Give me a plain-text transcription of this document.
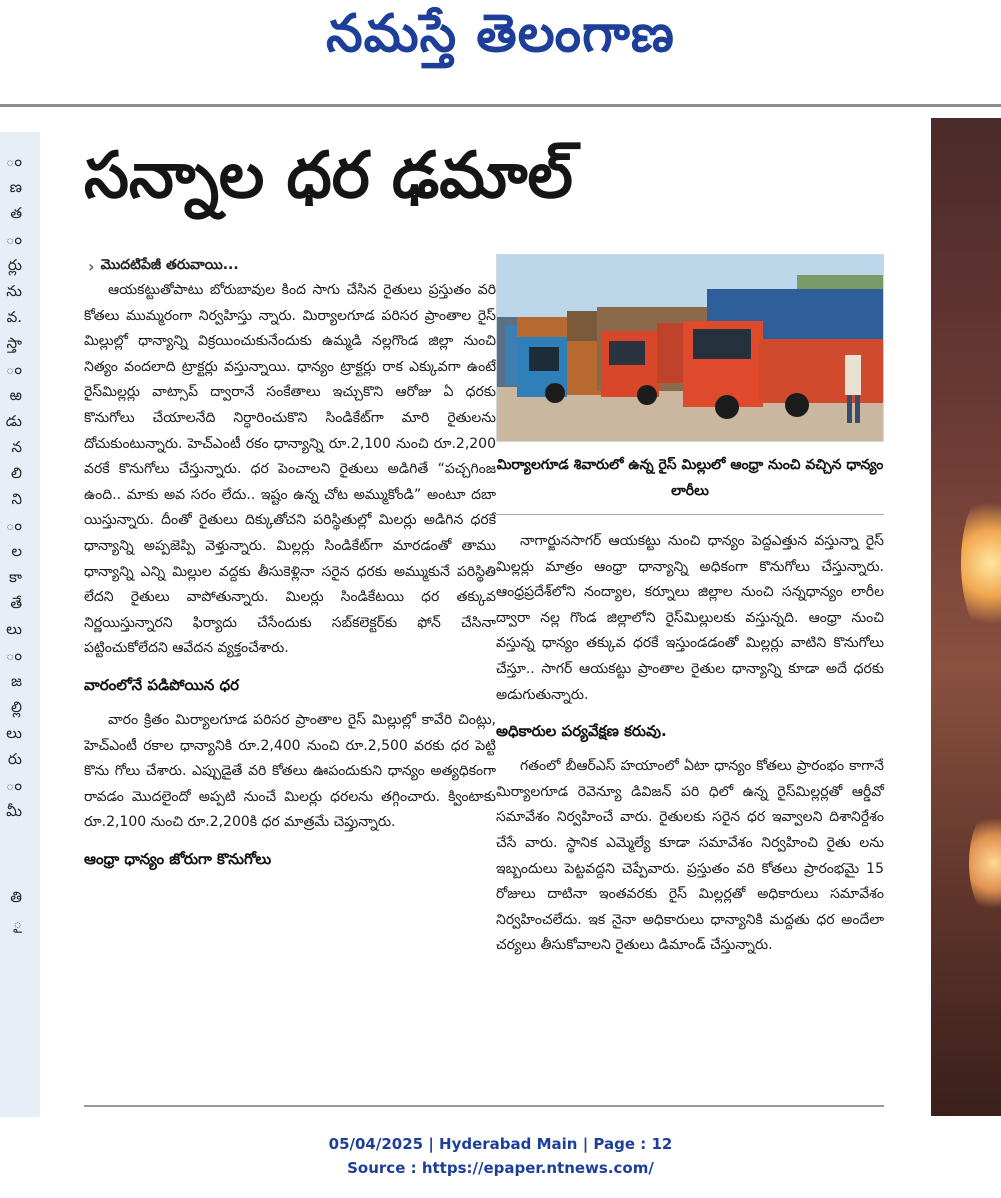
నమస్తే తెలంగాణ
ం
ణ
త
ం
ర్లు
ను
వ.
స్తా
ం
ఱ
డు
న
లి
ని
ం
ల
కా
తే
లు
ం
జ
ల్లి
లు
రు
ం
మీ
తి
ౖ
సన్నాల ధర ఢమాల్
› మొదటిపేజీ తరువాయి...

ఆయకట్టుతోపాటు బోరుబావుల కింద సాగు చేసిన రైతులు ప్రస్తుతం వరి కోతలు ముమ్మరంగా నిర్వహిస్తు న్నారు. మిర్యాలగూడ పరిసర ప్రాంతాల రైస్ మిల్లుల్లో ధాన్యాన్ని విక్రయించుకునేందుకు ఉమ్మడి నల్లగొండ జిల్లా నుంచి నిత్యం వందలాది ట్రాక్టర్లు వస్తున్నాయి. ధాన్యం ట్రాక్టర్లు రాక ఎక్కువగా ఉంటే రైస్‌మిల్లర్లు వాట్సాప్ ద్వారానే సంకేతాలు ఇచ్చుకొని ఆరోజు ఏ ధరకు కొనుగోలు చేయాలనేది నిర్ధారించుకొని సిండికేట్‌గా మారి రైతులను దోచుకుంటున్నారు. హెచ్‌ఎంటీ రకం ధాన్యాన్ని రూ.2,100 నుంచి రూ.2,200 వరకే కొనుగోలు చేస్తున్నారు. ధర పెంచాలని రైతులు అడిగితే “పచ్చగింజ ఉంది.. మాకు అవ సరం లేదు.. ఇష్టం ఉన్న చోట అమ్ముకోండి” అంటూ దబా యిస్తున్నారు. దీంతో రైతులు దిక్కుతోచని పరిస్థితుల్లో మిలర్లు అడిగిన ధరకే ధాన్యాన్ని అప్పజెప్పి వెళ్తున్నారు. మిల్లర్లు సిండికేట్‌గా మారడంతో తాము ధాన్యాన్ని ఎన్ని మిల్లుల వద్దకు తీసుకెళ్లినా సరైన ధరకు అమ్ముకునే పరిస్థితి లేదని రైతులు వాపోతున్నారు. మిలర్లు సిండికేటయి ధర తక్కువ నిర్ణయిస్తున్నారని ఫిర్యాదు చేసేందుకు సబ్‌కలెక్టర్‌కు ఫోన్ చేసినా పట్టించుకోలేదని ఆవేదన వ్యక్తంచేశారు.

వారంలోనే పడిపోయిన ధర

వారం క్రితం మిర్యాలగూడ పరిసర ప్రాంతాల రైస్ మిల్లుల్లో కావేరి చింట్లు, హెచ్‌ఎంటీ రకాల ధాన్యానికి రూ.2,400 నుంచి రూ.2,500 వరకు ధర పెట్టి కొను గోలు చేశారు. ఎప్పుడైతే వరి కోతలు ఊపందుకుని ధాన్యం అత్యధికంగా రావడం మొదలైందో అప్పటి నుంచే మిలర్లు ధరలను తగ్గించారు. క్వింటాకు రూ.2,100 నుంచి రూ.2,200కి ధర మాత్రమే చెప్తున్నారు.

ఆంధ్రా ధాన్యం జోరుగా కొనుగోలు
మిర్యాలగూడ శివారులో ఉన్న రైస్ మిల్లులో ఆంధ్రా నుంచి వచ్చిన ధాన్యం లారీలు

నాగార్జునసాగర్ ఆయకట్టు నుంచి ధాన్యం పెద్దఎత్తున వస్తున్నా రైస్ మిల్లర్లు మాత్రం ఆంధ్రా ధాన్యాన్ని అధికంగా కొనుగోలు చేస్తున్నారు. ఆంధ్రప్రదేశ్‌లోని నంద్యాల, కర్నూలు జిల్లాల నుంచి సన్నధాన్యం లారీల ద్వారా నల్ల గొండ జిల్లాలోని రైస్‌మిల్లులకు వస్తున్నది. ఆంధ్రా నుంచి వస్తున్న ధాన్యం తక్కువ ధరకే ఇస్తుండడంతో మిల్లర్లు వాటిని కొనుగోలు చేస్తూ.. సాగర్ ఆయకట్టు ప్రాంతాల రైతుల ధాన్యాన్ని కూడా అదే ధరకు అడుగుతున్నారు.

అధికారుల పర్యవేక్షణ కరువు.

గతంలో బీఆర్‌ఎస్ హయాంలో ఏటా ధాన్యం కోతలు ప్రారంభం కాగానే మిర్యాలగూడ రెవెన్యూ డివిజన్ పరి ధిలో ఉన్న రైస్‌మిల్లర్లతో ఆర్డీవో సమావేశం నిర్వహించే వారు. రైతులకు సరైన ధర ఇవ్వాలని దిశానిర్దేశం చేసే వారు. స్థానిక ఎమ్మెల్యే కూడా సమావేశం నిర్వహించి రైతు లను ఇబ్బందులు పెట్టవద్దని చెప్పేవారు. ప్రస్తుతం వరి కోతలు ప్రారంభమై 15 రోజులు దాటినా ఇంతవరకు రైస్ మిల్లర్లతో అధికారులు సమావేశం నిర్వహించలేదు. ఇక నైనా అధికారులు ధాన్యానికి మద్దతు ధర అందేలా చర్యలు తీసుకోవాలని రైతులు డిమాండ్ చేస్తున్నారు.

05/04/2025 | Hyderabad Main | Page : 12
Source : https://epaper.ntnews.com/
